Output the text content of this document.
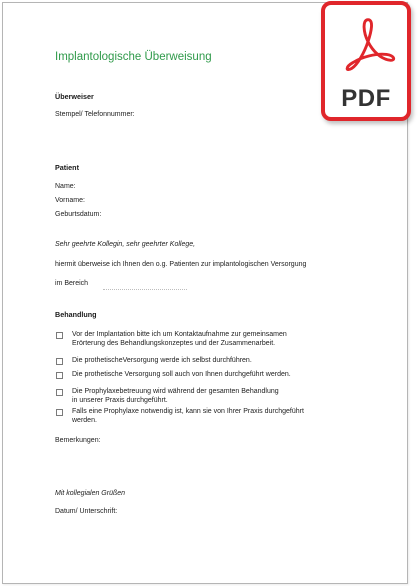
Implantologische Überweisung
Überweiser
Stempel/ Telefonnummer:
Patient
Name:
Vorname:
Geburtsdatum:
Sehr geehrte Kollegin, sehr geehrter Kollege,
hiermit überweise ich Ihnen den o.g. Patienten zur implantologischen Versorgung
im Bereich
Behandlung
Vor der Implantation bitte ich um Kontaktaufnahme zur gemeinsamen
Erörterung des Behandlungskonzeptes und der Zusammenarbeit.
Die prothetischeVersorgung werde ich selbst durchführen.
Die prothetische Versorgung soll auch von Ihnen durchgeführt werden.
Die Prophylaxebetreuung wird während der gesamten Behandlung
in unserer Praxis durchgeführt.
Falls eine Prophylaxe notwendig ist, kann sie von Ihrer Praxis durchgeführt
werden.
Bemerkungen:
Mit kollegialen Grüßen
Datum/ Unterschrift:
PDF
